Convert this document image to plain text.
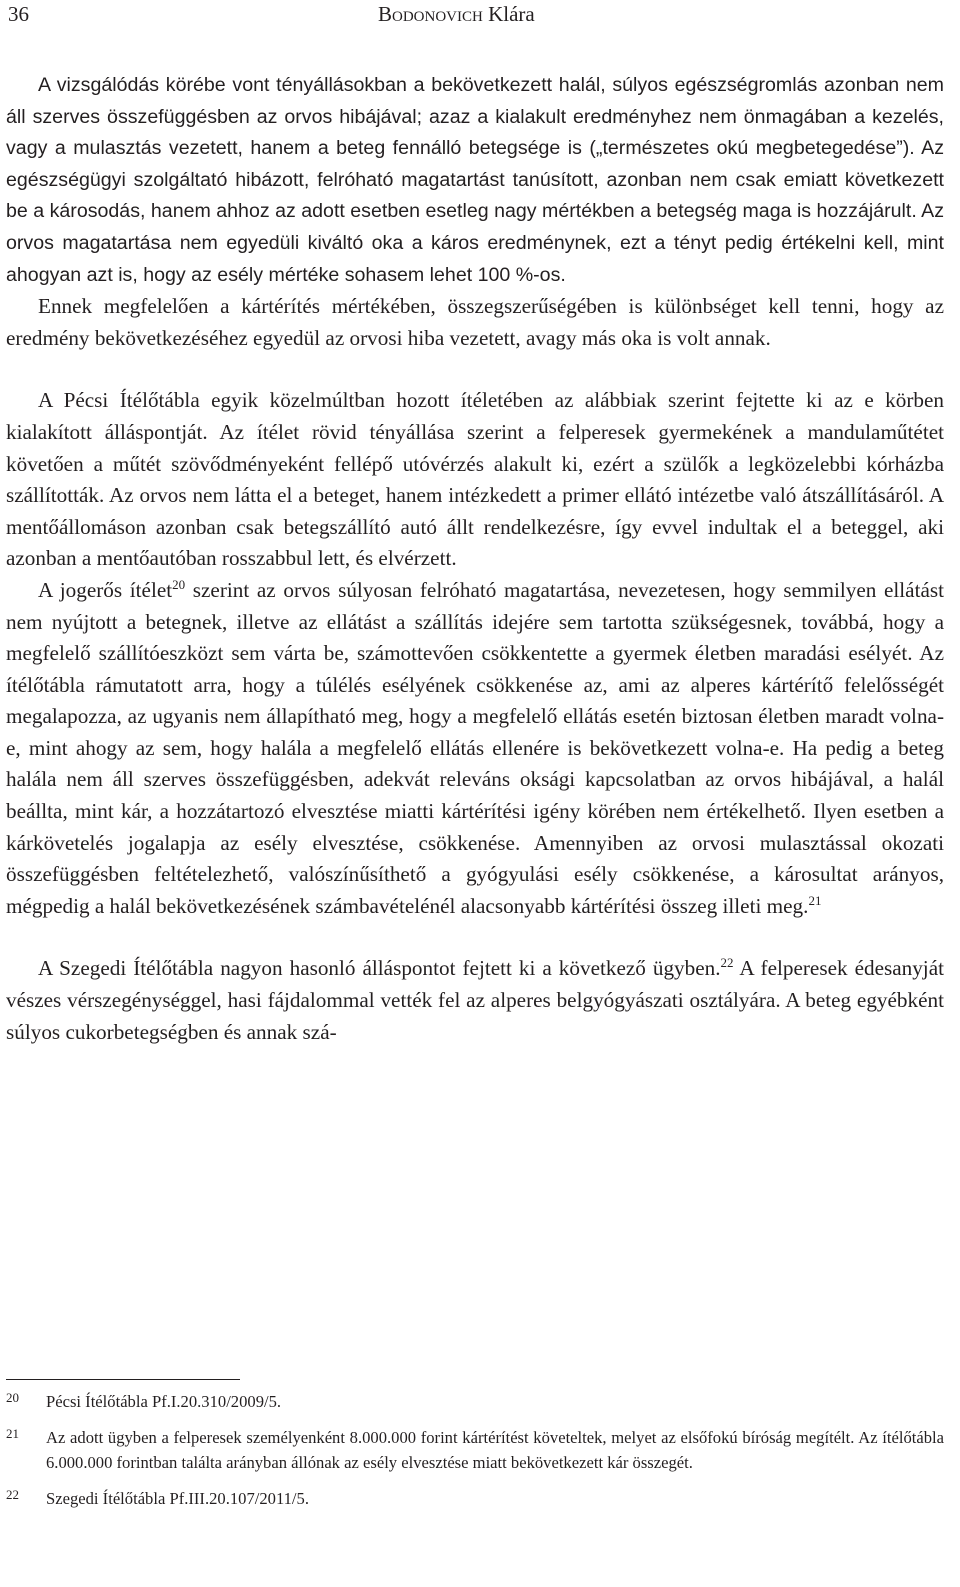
36	Bodonovich Klára

A vizsgálódás körébe vont tényállásokban a bekövetkezett halál, súlyos egészségromlás azonban nem áll szerves összefüggésben az orvos hibájával; azaz a kialakult eredményhez nem önmagában a kezelés, vagy a mulasztás vezetett, hanem a beteg fennálló betegsége is („természetes okú megbetegedése”). Az egészségügyi szolgáltató hibázott, felróható magatartást tanúsított, azonban nem csak emiatt következett be a károsodás, hanem ahhoz az adott esetben esetleg nagy mértékben a betegség maga is hozzájárult. Az orvos magatartása nem egyedüli kiváltó oka a káros eredménynek, ezt a tényt pedig értékelni kell, mint ahogyan azt is, hogy az esély mértéke sohasem lehet 100 %-os.

Ennek megfelelően a kártérítés mértékében, összegszerűségében is különbséget kell tenni, hogy az eredmény bekövetkezéséhez egyedül az orvosi hiba vezetett, avagy más oka is volt annak.

A Pécsi Ítélőtábla egyik közelmúltban hozott ítéletében az alábbiak szerint fejtette ki az e körben kialakított álláspontját. Az ítélet rövid tényállása szerint a felperesek gyermekének a mandulaműtétet követően a műtét szövődményeként fellépő utóvérzés alakult ki, ezért a szülők a legközelebbi kórházba szállították. Az orvos nem látta el a beteget, hanem intézkedett a primer ellátó intézetbe való átszállításáról. A mentőállomáson azonban csak betegszállító autó állt rendelkezésre, így evvel indultak el a beteggel, aki azonban a mentőautóban rosszabbul lett, és elvérzett.

A jogerős ítélet$^{20}$ szerint az orvos súlyosan felróható magatartása, nevezetesen, hogy semmilyen ellátást nem nyújtott a betegnek, illetve az ellátást a szállítás idejére sem tartotta szükségesnek, továbbá, hogy a megfelelő szállítóeszközt sem várta be, számottevően csökkentette a gyermek életben maradási esélyét. Az ítélőtábla rámutatott arra, hogy a túlélés esélyének csökkenése az, ami az alperes kártérítő felelősségét megalapozza, az ugyanis nem állapítható meg, hogy a megfelelő ellátás esetén biztosan életben maradt volna-e, mint ahogy az sem, hogy halála a megfelelő ellátás ellenére is bekövetkezett volna-e. Ha pedig a beteg halála nem áll szerves összefüggésben, adekvát releváns oksági kapcsolatban az orvos hibájával, a halál beállta, mint kár, a hozzátartozó elvesztése miatti kártérítési igény körében nem értékelhető. Ilyen esetben a kárkövetelés jogalapja az esély elvesztése, csökkenése. Amennyiben az orvosi mulasztással okozati összefüggésben feltételezhető, valószínűsíthető a gyógyulási esély csökkenése, a károsultat arányos, mégpedig a halál bekövetkezésének számbavételénél alacsonyabb kártérítési összeg illeti meg.$^{21}$

A Szegedi Ítélőtábla nagyon hasonló álláspontot fejtett ki a következő ügyben.$^{22}$ A felperesek édesanyját vészes vérszegénységgel, hasi fájdalommal vették fel az alperes belgyógyászati osztályára. A beteg egyébként súlyos cukorbetegségben és annak szá-

20 Pécsi Ítélőtábla Pf.I.20.310/2009/5.
21 Az adott ügyben a felperesek személyenként 8.000.000 forint kártérítést követeltek, melyet az elsőfokú bíróság megítélt. Az ítélőtábla 6.000.000 forintban találta arányban állónak az esély elvesztése miatt bekövetkezett kár összegét.
22 Szegedi Ítélőtábla Pf.III.20.107/2011/5.
